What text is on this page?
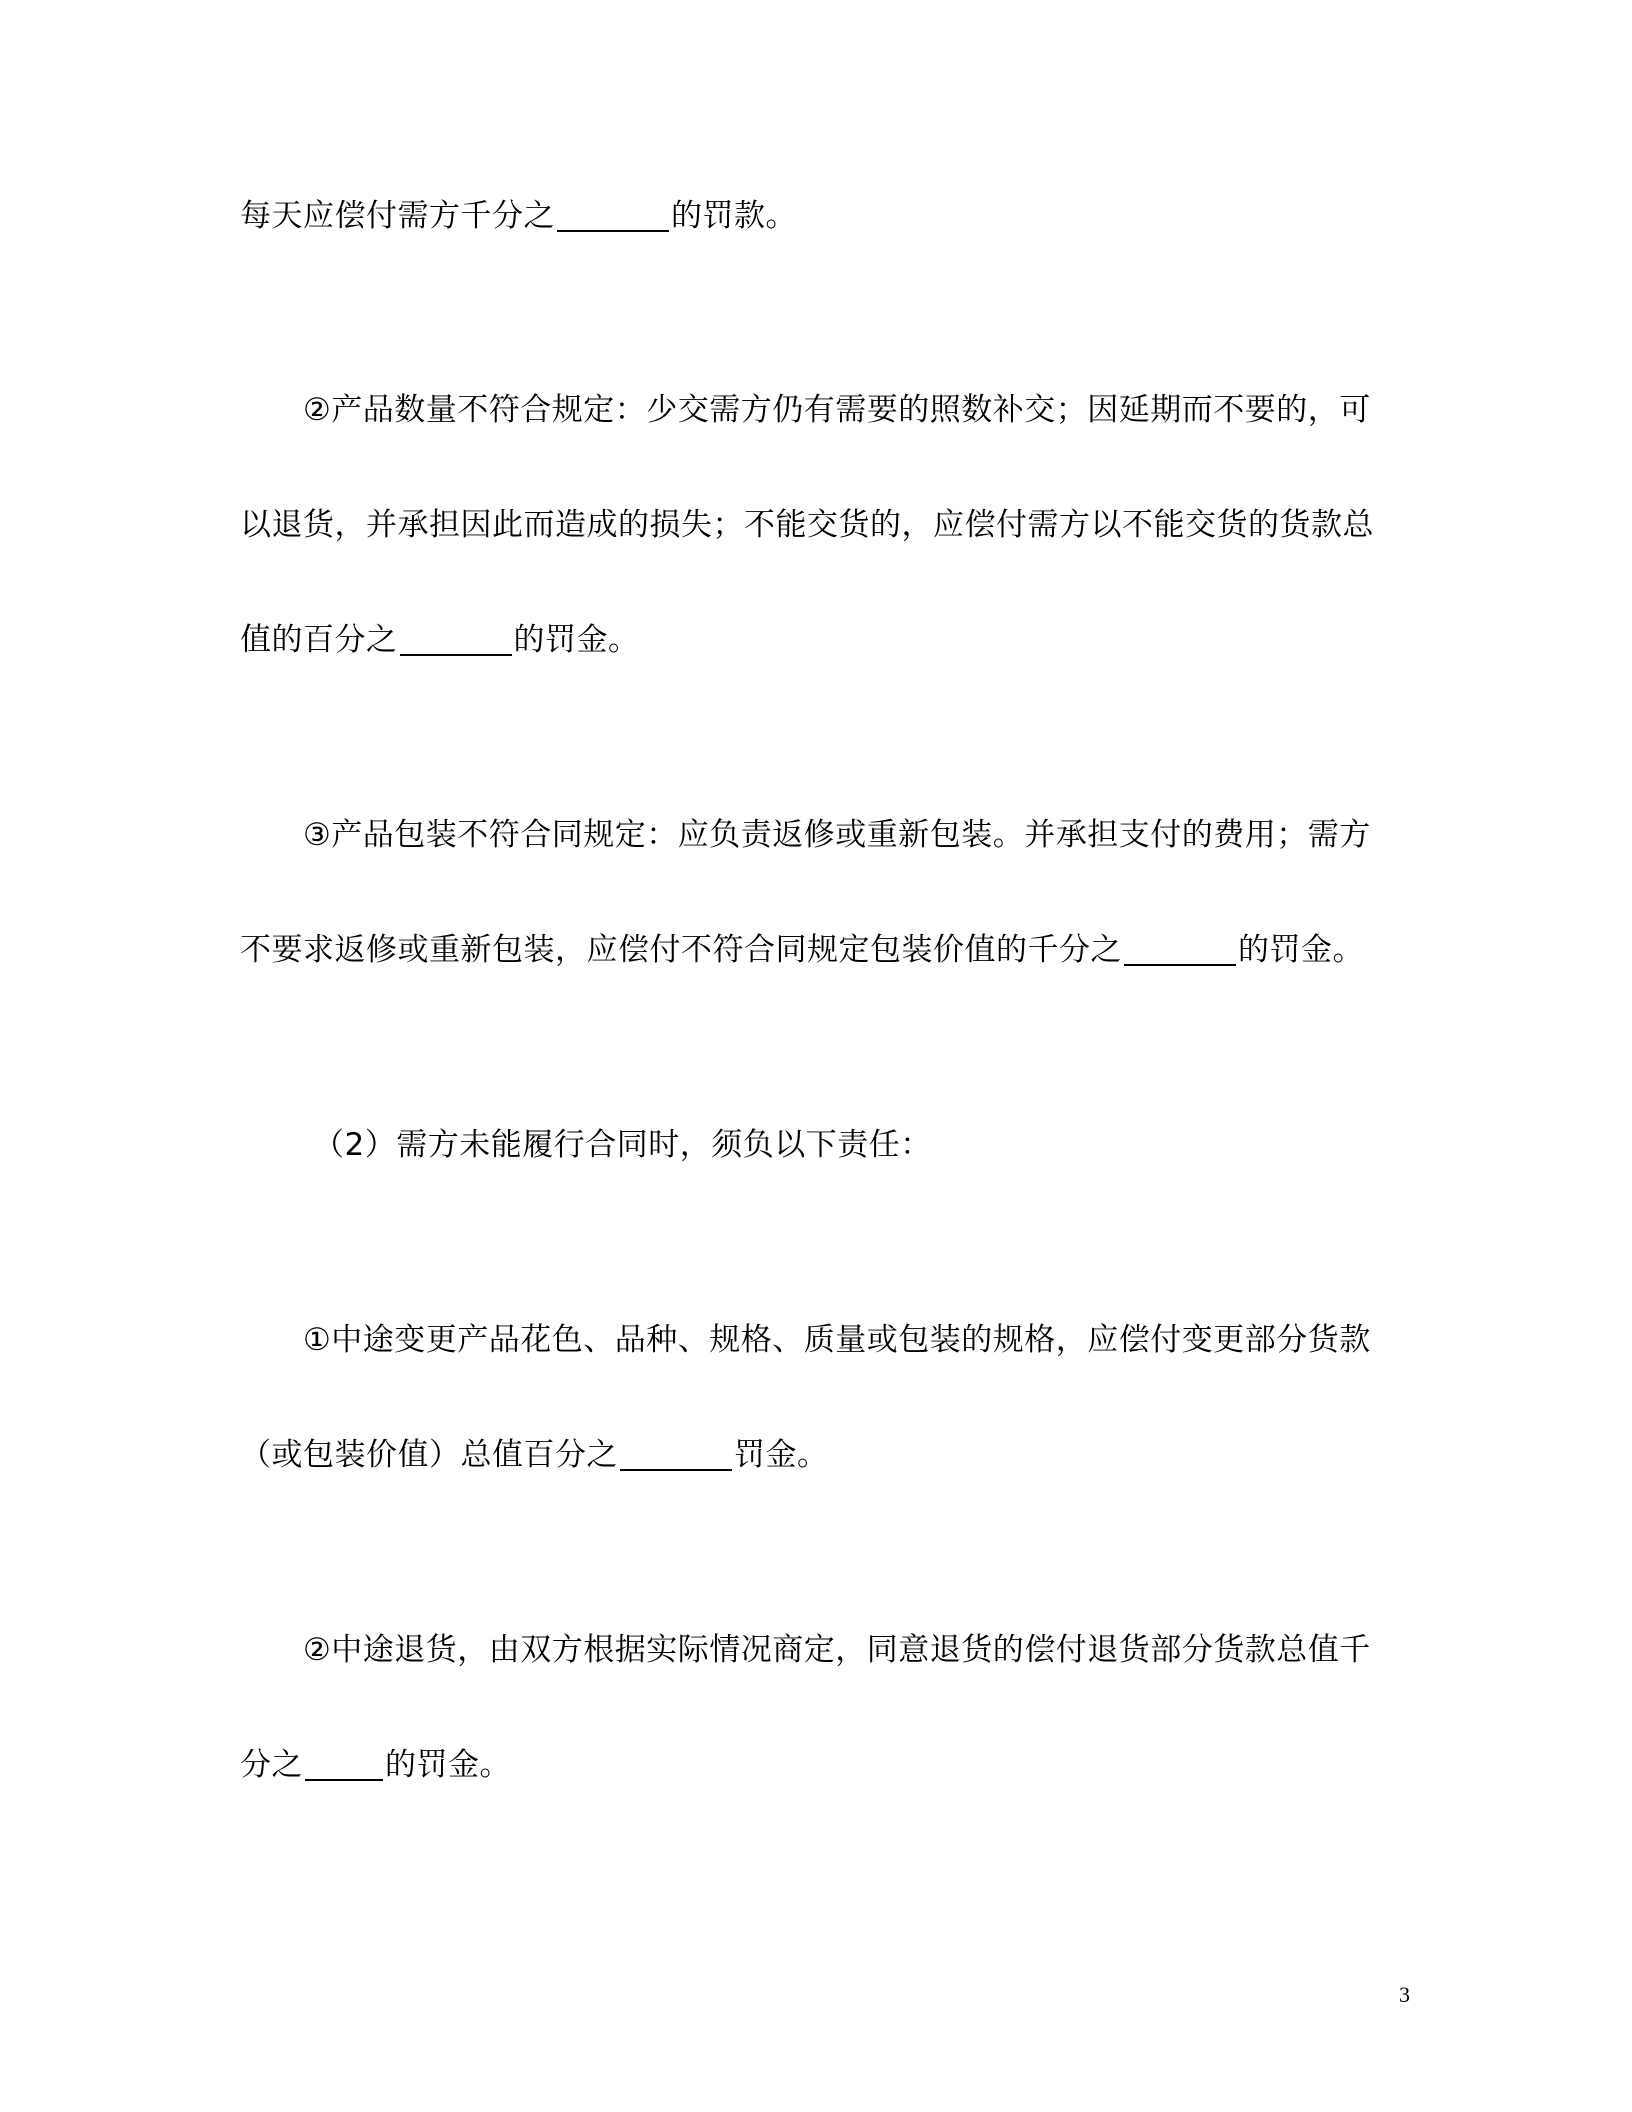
每天应偿付需方千分之	的罚款。
②产品数量不符合规定：少交需方仍有需要的照数补交；因延期而不要的，可
以退货，并承担因此而造成的损失；不能交货的，应偿付需方以不能交货的货款总
值的百分之	的罚金。
③产品包装不符合同规定：应负责返修或重新包装。并承担支付的费用；需方
不要求返修或重新包装，应偿付不符合同规定包装价值的千分之	的罚金。
（2）需方未能履行合同时，须负以下责任：
①中途变更产品花色、品种、规格、质量或包装的规格，应偿付变更部分货款
（或包装价值）总值百分之	罚金。
②中途退货，由双方根据实际情况商定，同意退货的偿付退货部分货款总值千
分之	的罚金。
3
